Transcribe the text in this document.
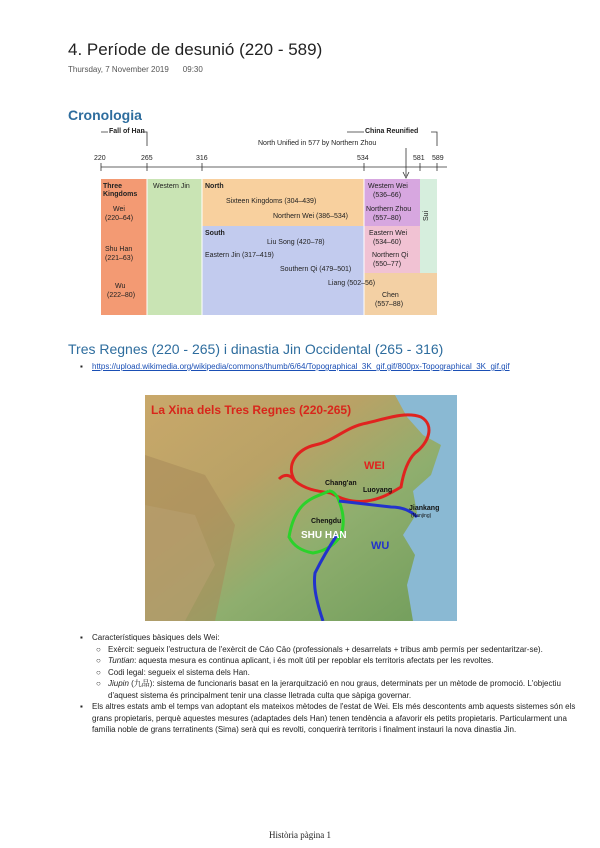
4. Període de desunió (220 - 589)
Thursday, 7 November 2019 09:30
Cronologia
Fall of Han	China Reunified
North Unified in 577 by Northern Zhou
220	265	316	534	581 589
Three Kingdoms
Wei
(220–64)
Shu Han
(221–63)
Wu
(222–80)
Western Jin North
Sixteen Kingdoms (304–439)
Northern Wei (386–534)
South
Liu Song (420–78)
Eastern Jin (317–419)
Southern Qi (479–501)
Liang (502–56)
Western Wei
(536–66)
Northern Zhou
(557–80)
Eastern Wei
(534–60)
Northern Qi
(550–77)
Chen
(557–88)
Sui
Tres Regnes (220 - 265) i dinastia Jin Occidental (265 - 316)
▪ https://upload.wikimedia.org/wikipedia/commons/thumb/6/64/Topographical_3K_gif.gif/800px-Topographical_3K_gif.gif
La Xina dels Tres Regnes (220-265)
WEI
SHU HAN
WU
Chang'an
Luoyang
Chengdu
Jiankang
(Nanjing)
▪ Característiques bàsiques dels Wei:
○ Exèrcit: segueix l'estructura de l'exèrcit de Cáo Cāo (professionals + desarrelats + tribus amb permís per sedentaritzar-se).
○ Tuntian: aquesta mesura es continua aplicant, i és molt útil per repoblar els territoris afectats per les revoltes.
○ Codi legal: segueix el sistema dels Han.
○ Jiupin (九品): sistema de funcionaris basat en la jerarquització en nou graus, determinats per un mètode de promoció. L'objectiu d'aquest sistema és principalment tenir una classe lletrada culta que sàpiga governar.
▪ Els altres estats amb el temps van adoptant els mateixos mètodes de l'estat de Wei. Els més descontents amb aquests sistemes són els grans propietaris, perquè aquestes mesures (adaptades dels Han) tenen tendència a afavorir els petits propietaris. Particularment una família noble de grans terratinents (Sima) serà qui es revolti, conquerirà territoris i finalment instauri la nova dinastia Jin.
Història pàgina 1
